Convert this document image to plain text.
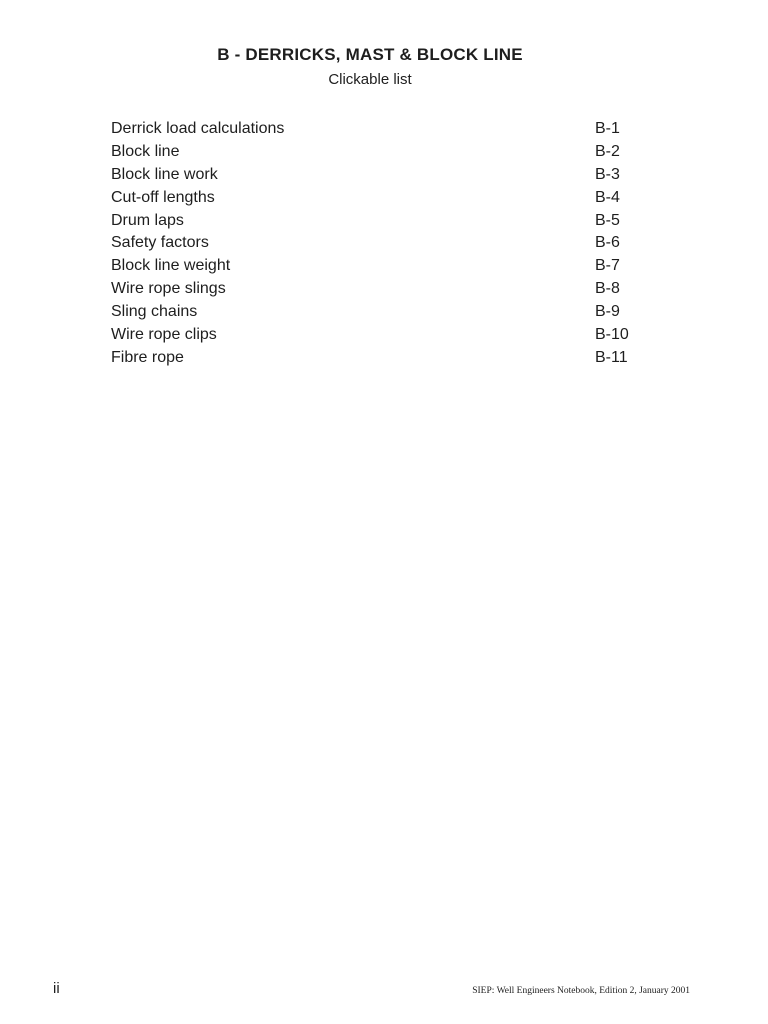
B - DERRICKS, MAST & BLOCK LINE
Clickable list
Derrick load calculations	B-1
Block line	B-2
Block line work	B-3
Cut-off lengths	B-4
Drum laps	B-5
Safety factors	B-6
Block line weight	B-7
Wire rope slings	B-8
Sling chains	B-9
Wire rope clips	B-10
Fibre rope	B-11
ii	SIEP: Well Engineers Notebook, Edition 2, January 2001
